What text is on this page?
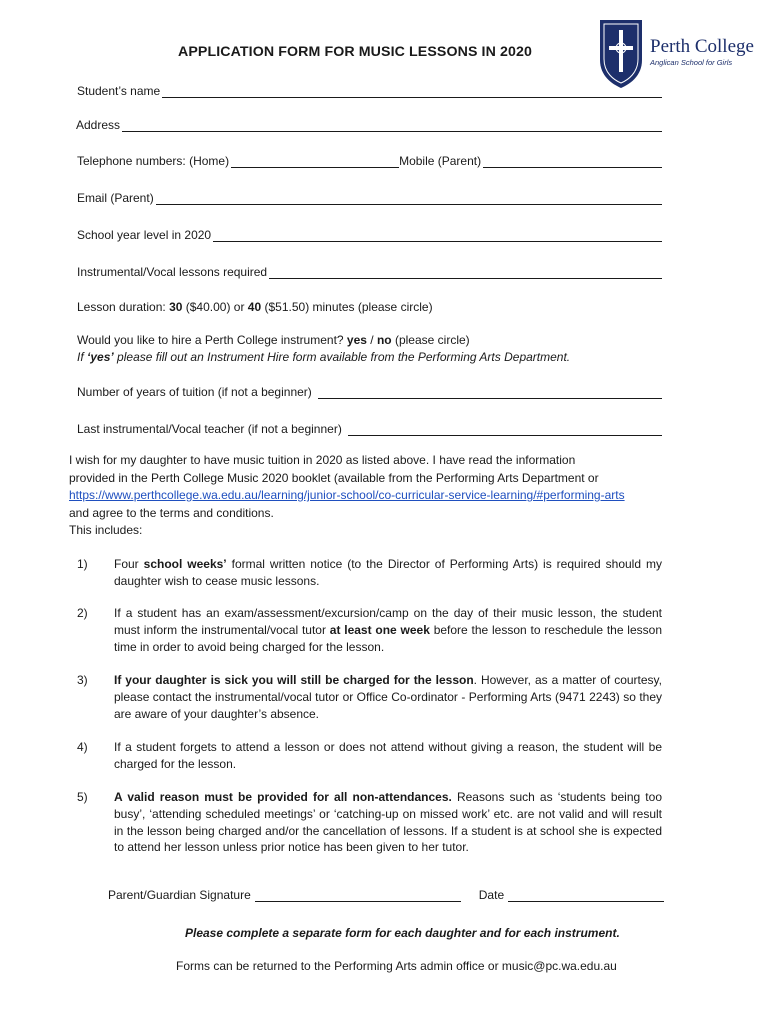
Perth College
Anglican School for Girls
APPLICATION FORM FOR MUSIC LESSONS IN 2020
Student’s name
Address
Telephone numbers: (Home)	Mobile (Parent)
Email (Parent)
School year level in 2020
Instrumental/Vocal lessons required
Lesson duration: 30 ($40.00) or 40 ($51.50) minutes (please circle)
Would you like to hire a Perth College instrument? yes / no (please circle)
If ‘yes’ please fill out an Instrument Hire form available from the Performing Arts Department.
Number of years of tuition (if not a beginner)
Last instrumental/Vocal teacher (if not a beginner)
I wish for my daughter to have music tuition in 2020 as listed above. I have read the information
provided in the Perth College Music 2020 booklet (available from the Performing Arts Department or
https://www.perthcollege.wa.edu.au/learning/junior-school/co-curricular-service-learning/#performing-arts
and agree to the terms and conditions.
This includes:
1) Four school weeks’ formal written notice (to the Director of Performing Arts) is required should my daughter wish to cease music lessons.
2) If a student has an exam/assessment/excursion/camp on the day of their music lesson, the student must inform the instrumental/vocal tutor at least one week before the lesson to reschedule the lesson time in order to avoid being charged for the lesson.
3) If your daughter is sick you will still be charged for the lesson. However, as a matter of courtesy, please contact the instrumental/vocal tutor or Office Co-ordinator - Performing Arts (9471 2243) so they are aware of your daughter’s absence.
4) If a student forgets to attend a lesson or does not attend without giving a reason, the student will be charged for the lesson.
5) A valid reason must be provided for all non-attendances. Reasons such as ‘students being too busy’, ‘attending scheduled meetings’ or ‘catching-up on missed work’ etc. are not valid and will result in the lesson being charged and/or the cancellation of lessons. If a student is at school she is expected to attend her lesson unless prior notice has been given to her tutor.
Parent/Guardian Signature	Date
Please complete a separate form for each daughter and for each instrument.
Forms can be returned to the Performing Arts admin office or music@pc.wa.edu.au
